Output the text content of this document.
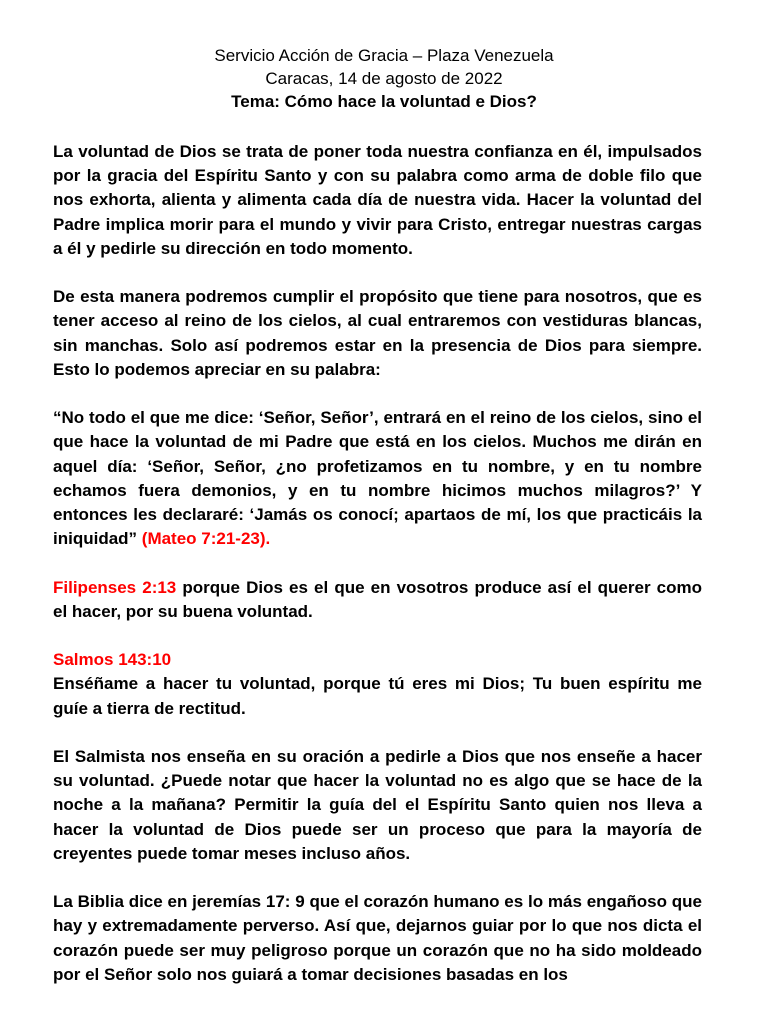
Servicio Acción de Gracia – Plaza Venezuela
Caracas, 14 de agosto de 2022
Tema: Cómo hace la voluntad e Dios?

La voluntad de Dios se trata de poner toda nuestra confianza en él, impulsados por la gracia del Espíritu Santo y con su palabra como arma de doble filo que nos exhorta, alienta y alimenta cada día de nuestra vida. Hacer la voluntad del Padre implica morir para el mundo y vivir para Cristo, entregar nuestras cargas a él y pedirle su dirección en todo momento.

De esta manera podremos cumplir el propósito que tiene para nosotros, que es tener acceso al reino de los cielos, al cual entraremos con vestiduras blancas, sin manchas. Solo así podremos estar en la presencia de Dios para siempre. Esto lo podemos apreciar en su palabra:

“No todo el que me dice: ‘Señor, Señor’, entrará en el reino de los cielos, sino el que hace la voluntad de mi Padre que está en los cielos. Muchos me dirán en aquel día: ‘Señor, Señor, ¿no profetizamos en tu nombre, y en tu nombre echamos fuera demonios, y en tu nombre hicimos muchos milagros?’ Y entonces les declararé: ‘Jamás os conocí; apartaos de mí, los que practicáis la iniquidad” (Mateo 7:21-23).

Filipenses 2:13 porque Dios es el que en vosotros produce así el querer como el hacer, por su buena voluntad.

Salmos 143:10
Enséñame a hacer tu voluntad, porque tú eres mi Dios; Tu buen espíritu me guíe a tierra de rectitud.

El Salmista nos enseña en su oración a pedirle a Dios que nos enseñe a hacer su voluntad. ¿Puede notar que hacer la voluntad no es algo que se hace de la noche a la mañana? Permitir la guía del el Espíritu Santo quien nos lleva a hacer la voluntad de Dios puede ser un proceso que para la mayoría de creyentes puede tomar meses incluso años.

La Biblia dice en jeremías 17: 9 que el corazón humano es lo más engañoso que hay y extremadamente perverso. Así que, dejarnos guiar por lo que nos dicta el corazón puede ser muy peligroso porque un corazón que no ha sido moldeado por el Señor solo nos guiará a tomar decisiones basadas en los
